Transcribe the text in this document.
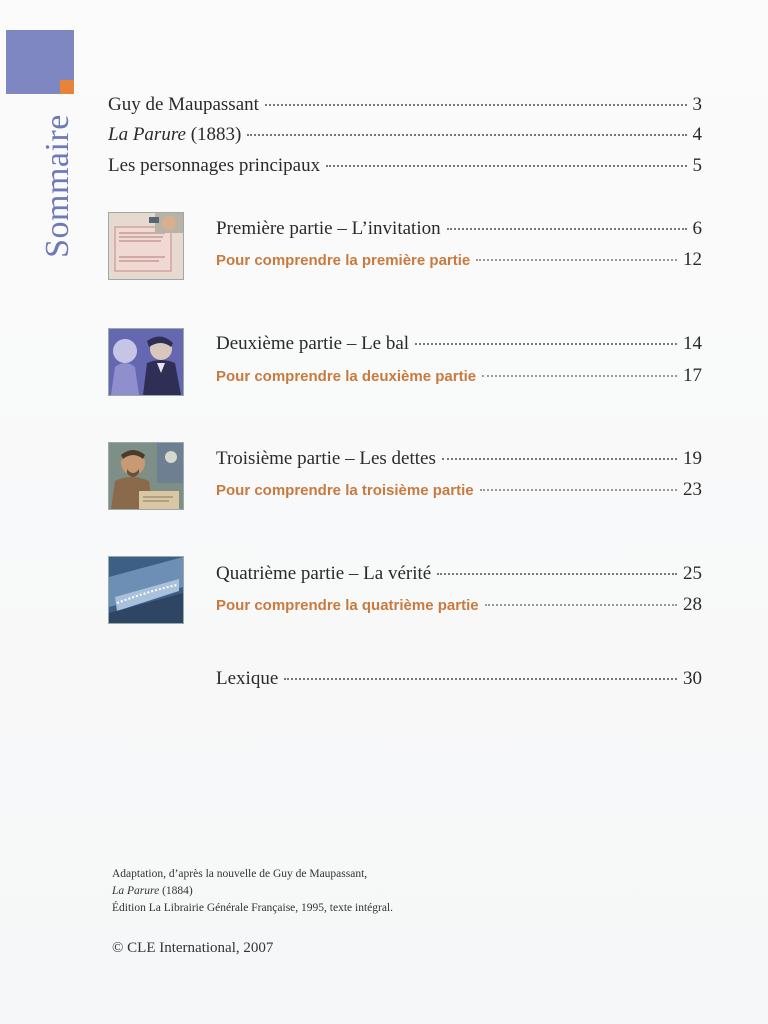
Sommaire
Guy de Maupassant	3
La Parure (1883)	4
Les personnages principaux	5
Première partie – L’invitation	6
Pour comprendre la première partie	12
Deuxième partie – Le bal	14
Pour comprendre la deuxième partie	17
Troisième partie – Les dettes	19
Pour comprendre la troisième partie	23
Quatrième partie – La vérité	25
Pour comprendre la quatrième partie	28
Lexique	30
Adaptation, d’après la nouvelle de Guy de Maupassant,
La Parure (1884)
Édition La Librairie Générale Française, 1995, texte intégral.
© CLE International, 2007
